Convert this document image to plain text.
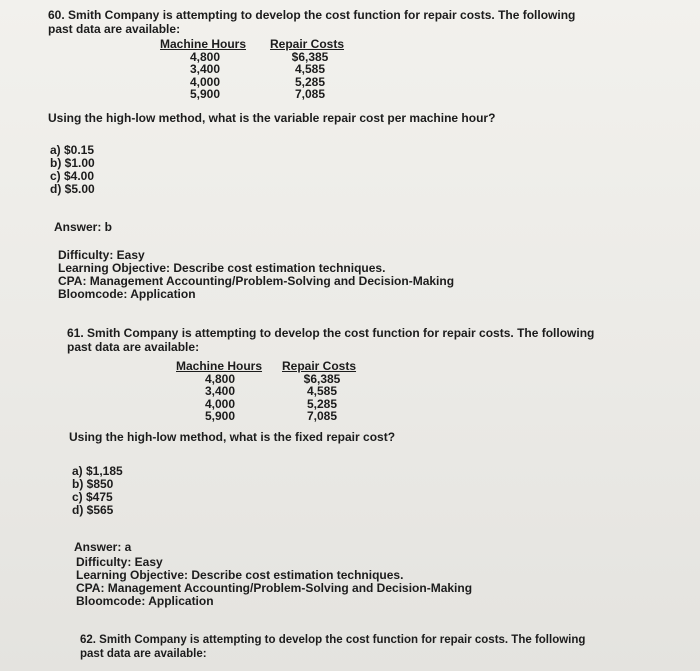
60. Smith Company is attempting to develop the cost function for repair costs. The following
past data are available:
Machine Hours
4,800
3,400
4,000
5,900
Repair Costs
$6,385
4,585
5,285
7,085
Using the high-low method, what is the variable repair cost per machine hour?
a) $0.15
b) $1.00
c) $4.00
d) $5.00
Answer: b
Difficulty: Easy
Learning Objective: Describe cost estimation techniques.
CPA: Management Accounting/Problem-Solving and Decision-Making
Bloomcode: Application
61. Smith Company is attempting to develop the cost function for repair costs. The following
past data are available:
Machine Hours
4,800
3,400
4,000
5,900
Repair Costs
$6,385
4,585
5,285
7,085
Using the high-low method, what is the fixed repair cost?
a) $1,185
b) $850
c) $475
d) $565
Answer: a
Difficulty: Easy
Learning Objective: Describe cost estimation techniques.
CPA: Management Accounting/Problem-Solving and Decision-Making
Bloomcode: Application
62. Smith Company is attempting to develop the cost function for repair costs. The following
past data are available:
